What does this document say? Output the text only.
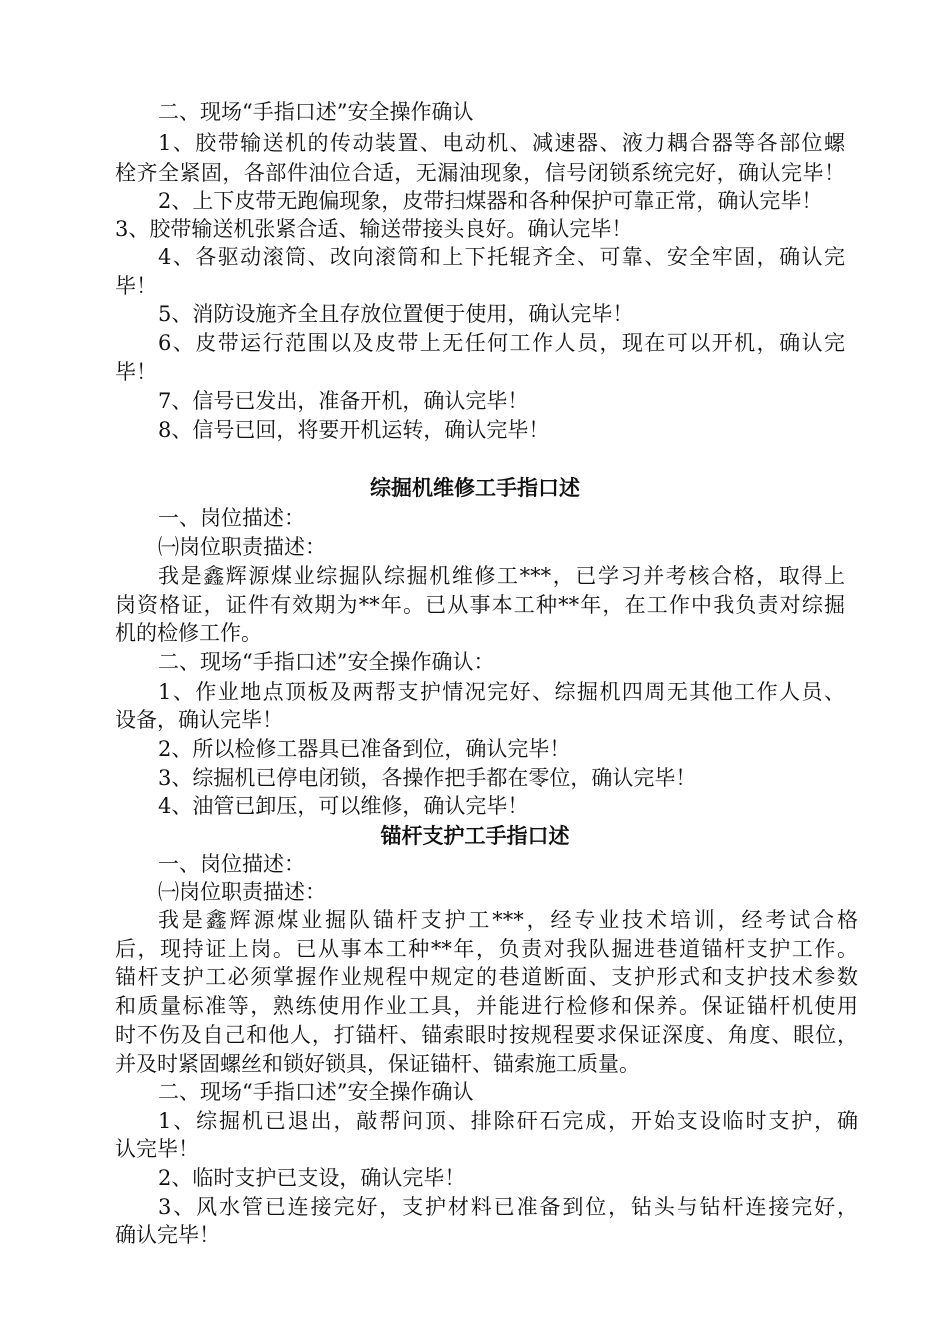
二、现场“手指口述”安全操作确认
1、胶带输送机的传动装置、电动机、减速器、液力耦合器等各部位螺
栓齐全紧固，各部件油位合适，无漏油现象，信号闭锁系统完好，确认完毕！
2、上下皮带无跑偏现象，皮带扫煤器和各种保护可靠正常，确认完毕！
3、胶带输送机张紧合适、输送带接头良好。确认完毕！
4、各驱动滚筒、改向滚筒和上下托辊齐全、可靠、安全牢固，确认完
毕！
5、消防设施齐全且存放位置便于使用，确认完毕！
6、皮带运行范围以及皮带上无任何工作人员，现在可以开机，确认完
毕！
7、信号已发出，准备开机，确认完毕！
8、信号已回，将要开机运转，确认完毕！
综掘机维修工手指口述
一、岗位描述：
㈠岗位职责描述：
我是鑫辉源煤业综掘队综掘机维修工***，已学习并考核合格，取得上
岗资格证，证件有效期为**年。已从事本工种**年，在工作中我负责对综掘
机的检修工作。
二、现场“手指口述”安全操作确认：
1、作业地点顶板及两帮支护情况完好、综掘机四周无其他工作人员、
设备，确认完毕！
2、所以检修工器具已准备到位，确认完毕！
3、综掘机已停电闭锁，各操作把手都在零位，确认完毕！
4、油管已卸压，可以维修，确认完毕！
锚杆支护工手指口述
一、岗位描述：
㈠岗位职责描述：
我是鑫辉源煤业掘队锚杆支护工***，经专业技术培训，经考试合格
后，现持证上岗。已从事本工种**年，负责对我队掘进巷道锚杆支护工作。
锚杆支护工必须掌握作业规程中规定的巷道断面、支护形式和支护技术参数
和质量标准等，熟练使用作业工具，并能进行检修和保养。保证锚杆机使用
时不伤及自己和他人，打锚杆、锚索眼时按规程要求保证深度、角度、眼位，
并及时紧固螺丝和锁好锁具，保证锚杆、锚索施工质量。
二、现场“手指口述”安全操作确认
1、综掘机已退出，敲帮问顶、排除矸石完成，开始支设临时支护，确
认完毕！
2、临时支护已支设，确认完毕！
3、风水管已连接完好，支护材料已准备到位，钻头与钻杆连接完好，
确认完毕！
